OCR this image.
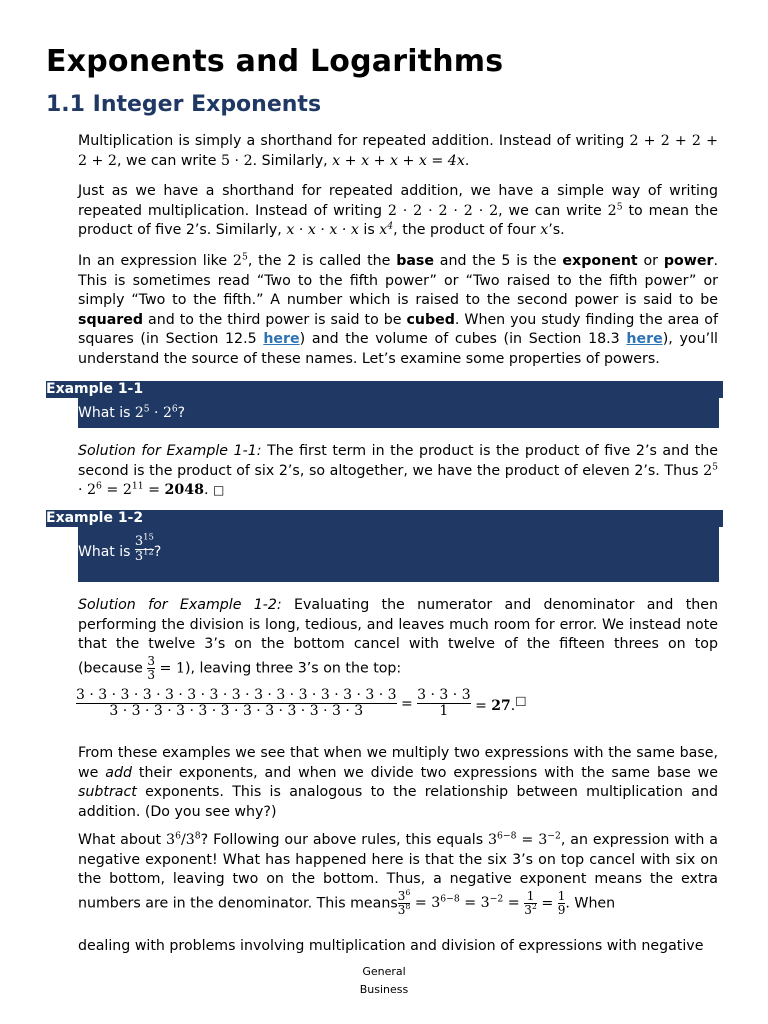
Exponents and Logarithms
1.1 Integer Exponents

Multiplication is simply a shorthand for repeated addition. Instead of writing 2 + 2 + 2 + 2 + 2, we can write 5 · 2. Similarly, x + x + x + x = 4x.

Just as we have a shorthand for repeated addition, we have a simple way of writing repeated multiplication. Instead of writing 2 · 2 · 2 · 2 · 2, we can write $2^5$ to mean the product of five 2’s. Similarly, x · x · x · x is $x^4$, the product of four x’s.

In an expression like $2^5$, the 2 is called the base and the 5 is the exponent or power. This is sometimes read “Two to the fifth power” or “Two raised to the fifth power” or simply “Two to the fifth.” A number which is raised to the second power is said to be squared and to the third power is said to be cubed. When you study finding the area of squares (in Section 12.5 here) and the volume of cubes (in Section 18.3 here), you’ll understand the source of these names. Let’s examine some properties of powers.

Example 1-1
What is $2^5 \cdot 2^6$?

Solution for Example 1-1: The first term in the product is the product of five 2’s and the second is the product of six 2’s, so altogether, we have the product of eleven 2’s. Thus $2^5 \cdot 2^6 = 2^{11} = 2048$. □

Example 1-2
What is $\frac{3^{15}}{3^{12}}$ ?

Solution for Example 1-2: Evaluating the numerator and denominator and then performing the division is long, tedious, and leaves much room for error. We instead note that the twelve 3’s on the bottom cancel with twelve of the fifteen threes on top (because $\frac{3}{3} = 1$), leaving three 3’s on the top:

$\frac{3 \cdot 3 \cdot 3 \cdot 3 \cdot 3 \cdot 3 \cdot 3 \cdot 3 \cdot 3 \cdot 3 \cdot 3 \cdot 3 \cdot 3 \cdot 3 \cdot 3}{3 \cdot 3 \cdot 3 \cdot 3 \cdot 3 \cdot 3 \cdot 3 \cdot 3 \cdot 3 \cdot 3 \cdot 3 \cdot 3} = \frac{3 \cdot 3 \cdot 3}{1}$ = 27.□

From these examples we see that when we multiply two expressions with the same base, we add their exponents, and when we divide two expressions with the same base we subtract exponents. This is analogous to the relationship between multiplication and addition. (Do you see why?)

What about $3^6/3^8$? Following our above rules, this equals $3^{6-8} = 3^{-2}$, an expression with a negative exponent! What has happened here is that the six 3’s on top cancel with six on the bottom, leaving two on the bottom. Thus, a negative exponent means the extra numbers are in the denominator. This means $\frac{3^6}{3^8} = 3^{6-8} = 3^{-2} = \frac{1}{3^2} = \frac{1}{9}$ . When

dealing with problems involving multiplication and division of expressions with negative

General
Business
